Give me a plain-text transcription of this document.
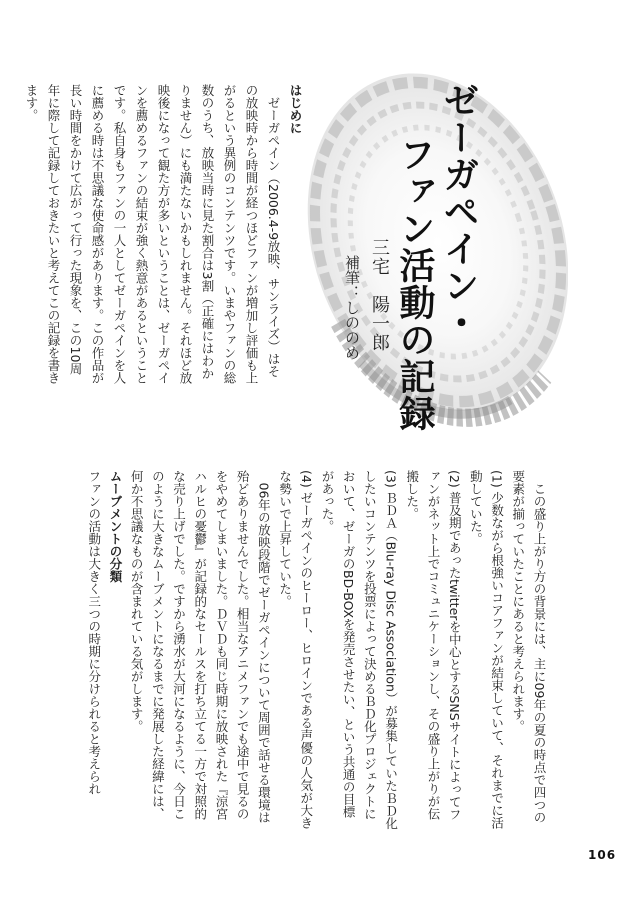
ゼーガペイン・
ファン活動の記録
三宅　陽一郎
補筆：しののめ
はじめに
　ゼーガペイン（2006.4-9放映、サンライズ）はその放映時から時間が経つほどファンが増加し評価も上がるという異例のコンテンツです。いまやファンの総数のうち、放映当時に見た割合は3割（正確にはわかりません）にも満たないかもしれません。それほど放映後になって観た方が多いということは、ゼーガペインを薦めるファンの結束が強く熱意があるということです。私自身もファンの一人としてゼーガペインを人に薦める時は不思議な使命感があります。この作品が長い時間をかけて広がって行った現象を、この10周年に際して記録しておきたいと考えてこの記録を書きます。
　この盛り上がり方の背景には、主に09年の夏の時点で四つの要素が揃っていたことにあると考えられます。
(1) 少数ながら根強いコアファンが結束していて、それまでに活動していた。
(2) 普及期であったtwitterを中心とするSNSサイトによってファンがネット上でコミュニケーションし、その盛り上がりが伝搬した。
(3) ＢＤＡ（Blu-ray Disc Association）が募集していたＢＤ化したいコンテンツを投票によって決めるＢＤ化プロジェクトにおいて、ゼーガのBD-BOXを発売させたい、という共通の目標があった。
(4) ゼーガペインのヒーロー、ヒロインである声優の人気が大きな勢いで上昇していた。
　06年の放映段階でゼーガペインについて周囲で話せる環境は殆どありませんでした。相当なアニメファンでも途中で見るのをやめてしまいました。ＤＶＤも同じ時期に放映された『涼宮ハルヒの憂鬱』が記録的なセールスを打ち立てる一方で対照的な売り上げでした。ですから湧水が大河になるように、今日このように大きなムーブメントになるまでに発展した経緯には、何か不思議なものが含まれている気がします。
ムーブメントの分類
ファンの活動は大きく三つの時期に分けられると考えられ
106
